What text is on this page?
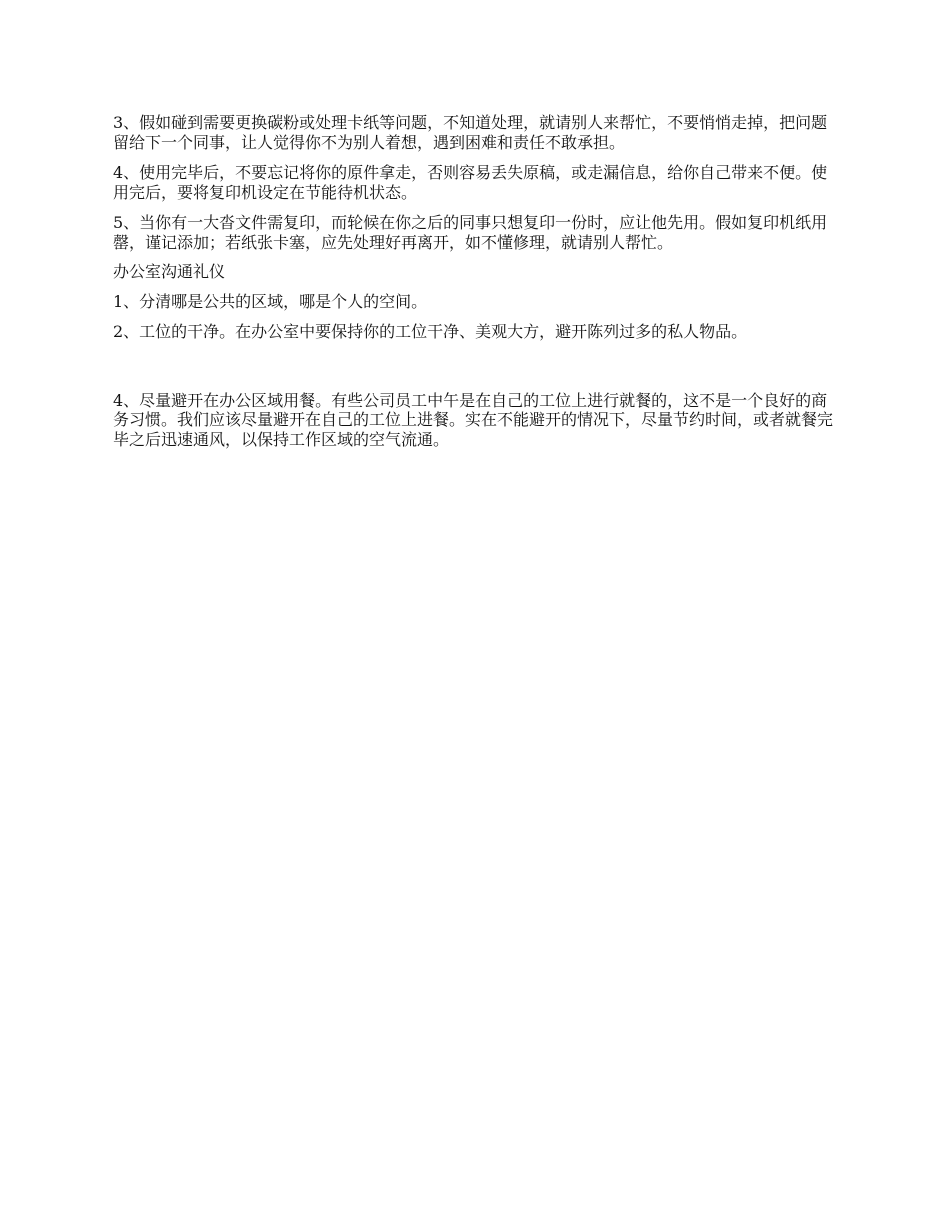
3、假如碰到需要更换碳粉或处理卡纸等问题，不知道处理，就请别人来帮忙，不要悄悄走掉，把问题留给下一个同事，让人觉得你不为别人着想，遇到困难和责任不敢承担。

4、使用完毕后，不要忘记将你的原件拿走，否则容易丢失原稿，或走漏信息，给你自己带来不便。使用完后，要将复印机设定在节能待机状态。

5、当你有一大沓文件需复印，而轮候在你之后的同事只想复印一份时，应让他先用。假如复印机纸用罄，谨记添加；若纸张卡塞，应先处理好再离开，如不懂修理，就请别人帮忙。

办公室沟通礼仪

1、分清哪是公共的区域，哪是个人的空间。

2、工位的干净。在办公室中要保持你的工位干净、美观大方，避开陈列过多的私人物品。

4、尽量避开在办公区域用餐。有些公司员工中午是在自己的工位上进行就餐的，这不是一个良好的商务习惯。我们应该尽量避开在自己的工位上进餐。实在不能避开的情况下，尽量节约时间，或者就餐完毕之后迅速通风，以保持工作区域的空气流通。
